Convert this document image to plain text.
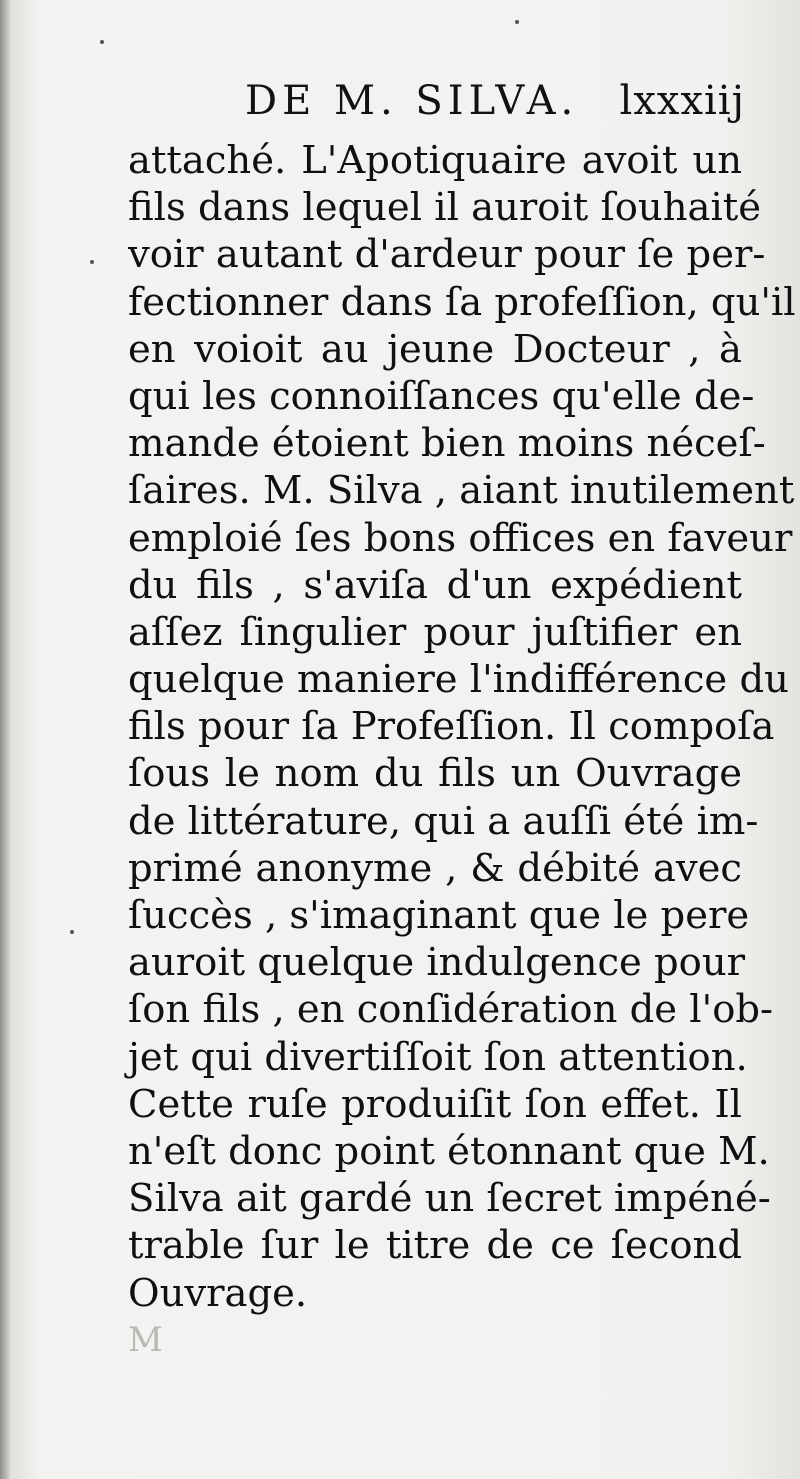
DE M. SILVA. lxxxiij
attaché. L'Apotiquaire avoit un
fils dans lequel il auroit ſouhaité
voir autant d'ardeur pour ſe per-
fectionner dans ſa profeſſion, qu'il
en voioit au jeune Docteur , à
qui les connoiſſances qu'elle de-
mande étoient bien moins néceſ-
ſaires. M. Silva , aiant inutilement
emploié ſes bons offices en faveur
du fils , s'aviſa d'un expédient
aſſez ſingulier pour juſtifier en
quelque maniere l'indifférence du
fils pour ſa Profeſſion. Il compoſa
ſous le nom du fils un Ouvrage
de littérature, qui a auſſi été im-
primé anonyme , & débité avec
ſuccès , s'imaginant que le pere
auroit quelque indulgence pour
ſon fils , en conſidération de l'ob-
jet qui divertiſſoit ſon attention.
Cette ruſe produiſit ſon effet. Il
n'eſt donc point étonnant que M.
Silva ait gardé un ſecret impéné-
trable ſur le titre de ce ſecond
Ouvrage.
M
